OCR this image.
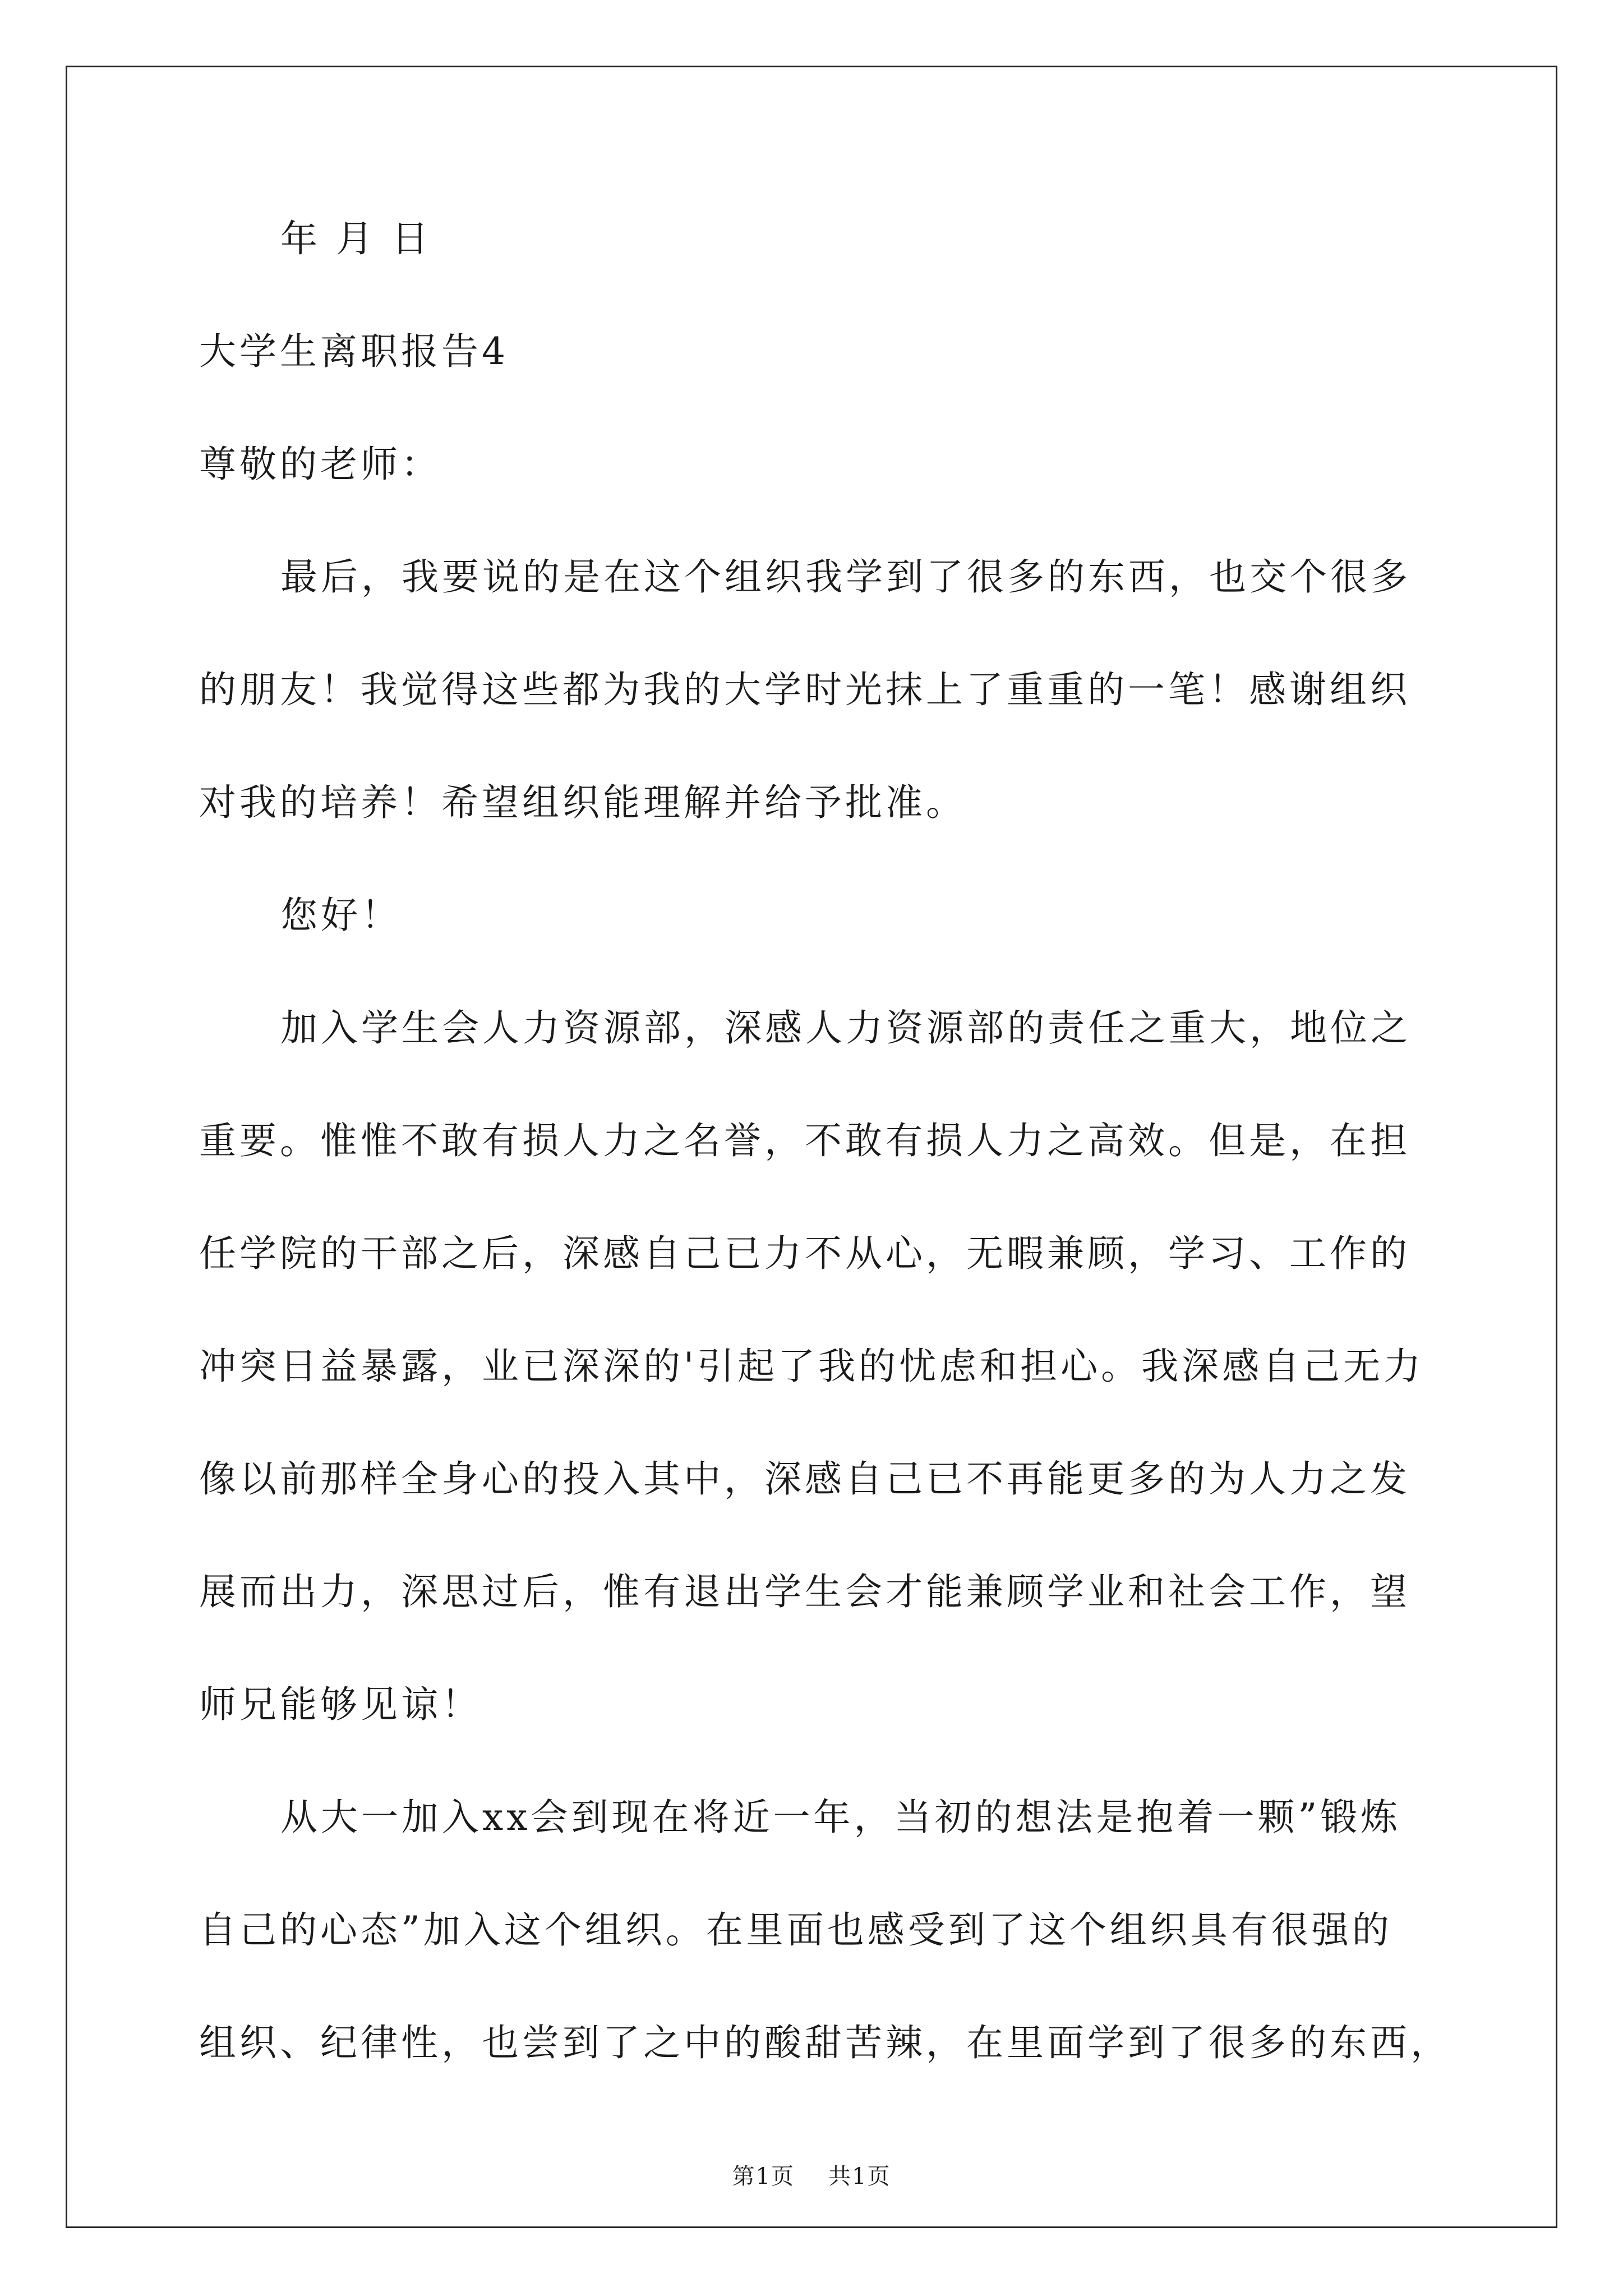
年 月 日

大学生离职报告4

尊敬的老师：

最后，我要说的是在这个组织我学到了很多的东西，也交个很多

的朋友！我觉得这些都为我的大学时光抹上了重重的一笔！感谢组织

对我的培养！希望组织能理解并给予批准。

您好！

加入学生会人力资源部，深感人力资源部的责任之重大，地位之

重要。惟惟不敢有损人力之名誉，不敢有损人力之高效。但是，在担

任学院的干部之后，深感自己已力不从心，无暇兼顾，学习、工作的

冲突日益暴露，业已深深的'引起了我的忧虑和担心。我深感自己无力

像以前那样全身心的投入其中，深感自己已不再能更多的为人力之发

展而出力，深思过后，惟有退出学生会才能兼顾学业和社会工作，望

师兄能够见谅！

从大一加入xx会到现在将近一年，当初的想法是抱着一颗”锻炼

自己的心态”加入这个组织。在里面也感受到了这个组织具有很强的

组织、纪律性，也尝到了之中的酸甜苦辣，在里面学到了很多的东西，

第1页 共1页
